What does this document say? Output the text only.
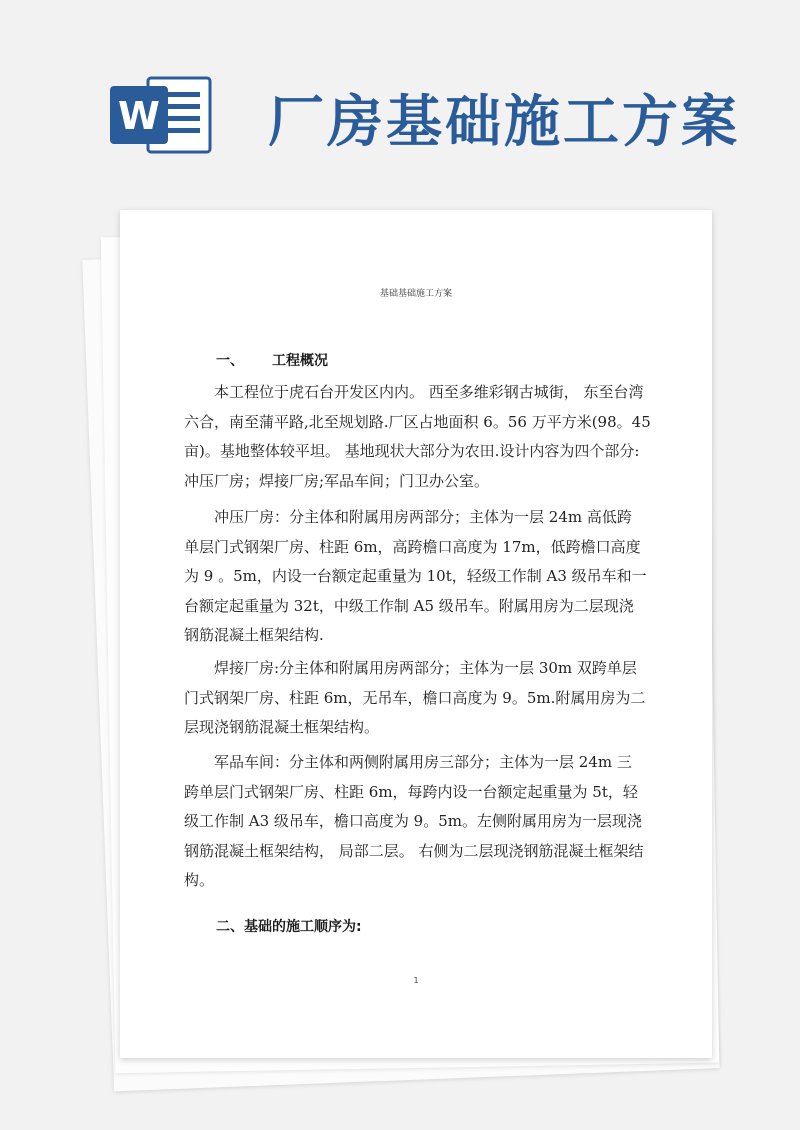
W 厂房基础施工方案
基础基础施工方案
一、 工程概况
本工程位于虎石台开发区内内。 西至多维彩钢古城街， 东至台湾
六合，南至蒲平路,北至规划路.厂区占地面积 6。56 万平方米(98。45
亩)。基地整体较平坦。 基地现状大部分为农田.设计内容为四个部分:
冲压厂房；焊接厂房;军品车间；门卫办公室。
冲压厂房：分主体和附属用房两部分；主体为一层 24m 高低跨
单层门式钢架厂房、柱距 6m，高跨檐口高度为 17m，低跨檐口高度
为 9 。5m，内设一台额定起重量为 10t，轻级工作制 A3 级吊车和一
台额定起重量为 32t，中级工作制 A5 级吊车。附属用房为二层现浇
钢筋混凝土框架结构.
焊接厂房:分主体和附属用房两部分；主体为一层 30m 双跨单层
门式钢架厂房、柱距 6m，无吊车，檐口高度为 9。5m.附属用房为二
层现浇钢筋混凝土框架结构。
军品车间：分主体和两侧附属用房三部分；主体为一层 24m 三
跨单层门式钢架厂房、柱距 6m，每跨内设一台额定起重量为 5t，轻
级工作制 A3 级吊车，檐口高度为 9。5m。左侧附属用房为一层现浇
钢筋混凝土框架结构， 局部二层。 右侧为二层现浇钢筋混凝土框架结
构。
二、基础的施工顺序为:
1
